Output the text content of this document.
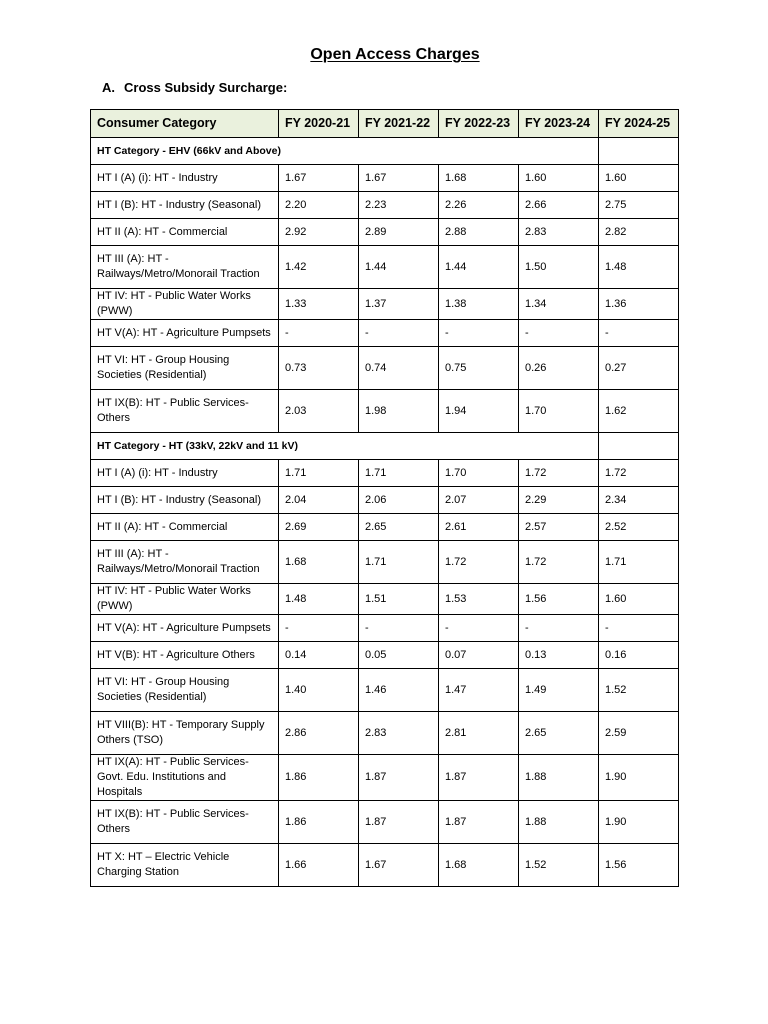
Open Access Charges
A. Cross Subsidy Surcharge:
Consumer Category	FY 2020-21	FY 2021-22	FY 2022-23	FY 2023-24	FY 2024-25
HT Category - EHV (66kV and Above)					
HT I (A) (i): HT - Industry	1.67	1.67	1.68	1.60	1.60
HT I (B): HT - Industry (Seasonal)	2.20	2.23	2.26	2.66	2.75
HT II (A): HT - Commercial	2.92	2.89	2.88	2.83	2.82
HT III (A): HT - Railways/Metro/Monorail Traction	1.42	1.44	1.44	1.50	1.48
HT IV: HT - Public Water Works (PWW)	1.33	1.37	1.38	1.34	1.36
HT V(A): HT - Agriculture Pumpsets	-	-	-	-	-
HT VI: HT - Group Housing Societies (Residential)	0.73	0.74	0.75	0.26	0.27
HT IX(B): HT - Public Services-Others	2.03	1.98	1.94	1.70	1.62
HT Category - HT (33kV, 22kV and 11 kV)					
HT I (A) (i): HT - Industry	1.71	1.71	1.70	1.72	1.72
HT I (B): HT - Industry (Seasonal)	2.04	2.06	2.07	2.29	2.34
HT II (A): HT - Commercial	2.69	2.65	2.61	2.57	2.52
HT III (A): HT - Railways/Metro/Monorail Traction	1.68	1.71	1.72	1.72	1.71
HT IV: HT - Public Water Works (PWW)	1.48	1.51	1.53	1.56	1.60
HT V(A): HT - Agriculture Pumpsets	-	-	-	-	-
HT V(B): HT - Agriculture Others	0.14	0.05	0.07	0.13	0.16
HT VI: HT - Group Housing Societies (Residential)	1.40	1.46	1.47	1.49	1.52
HT VIII(B): HT - Temporary Supply Others (TSO)	2.86	2.83	2.81	2.65	2.59
HT IX(A): HT - Public Services-Govt. Edu. Institutions and Hospitals	1.86	1.87	1.87	1.88	1.90
HT IX(B): HT - Public Services-Others	1.86	1.87	1.87	1.88	1.90
HT X: HT – Electric Vehicle Charging Station	1.66	1.67	1.68	1.52	1.56
